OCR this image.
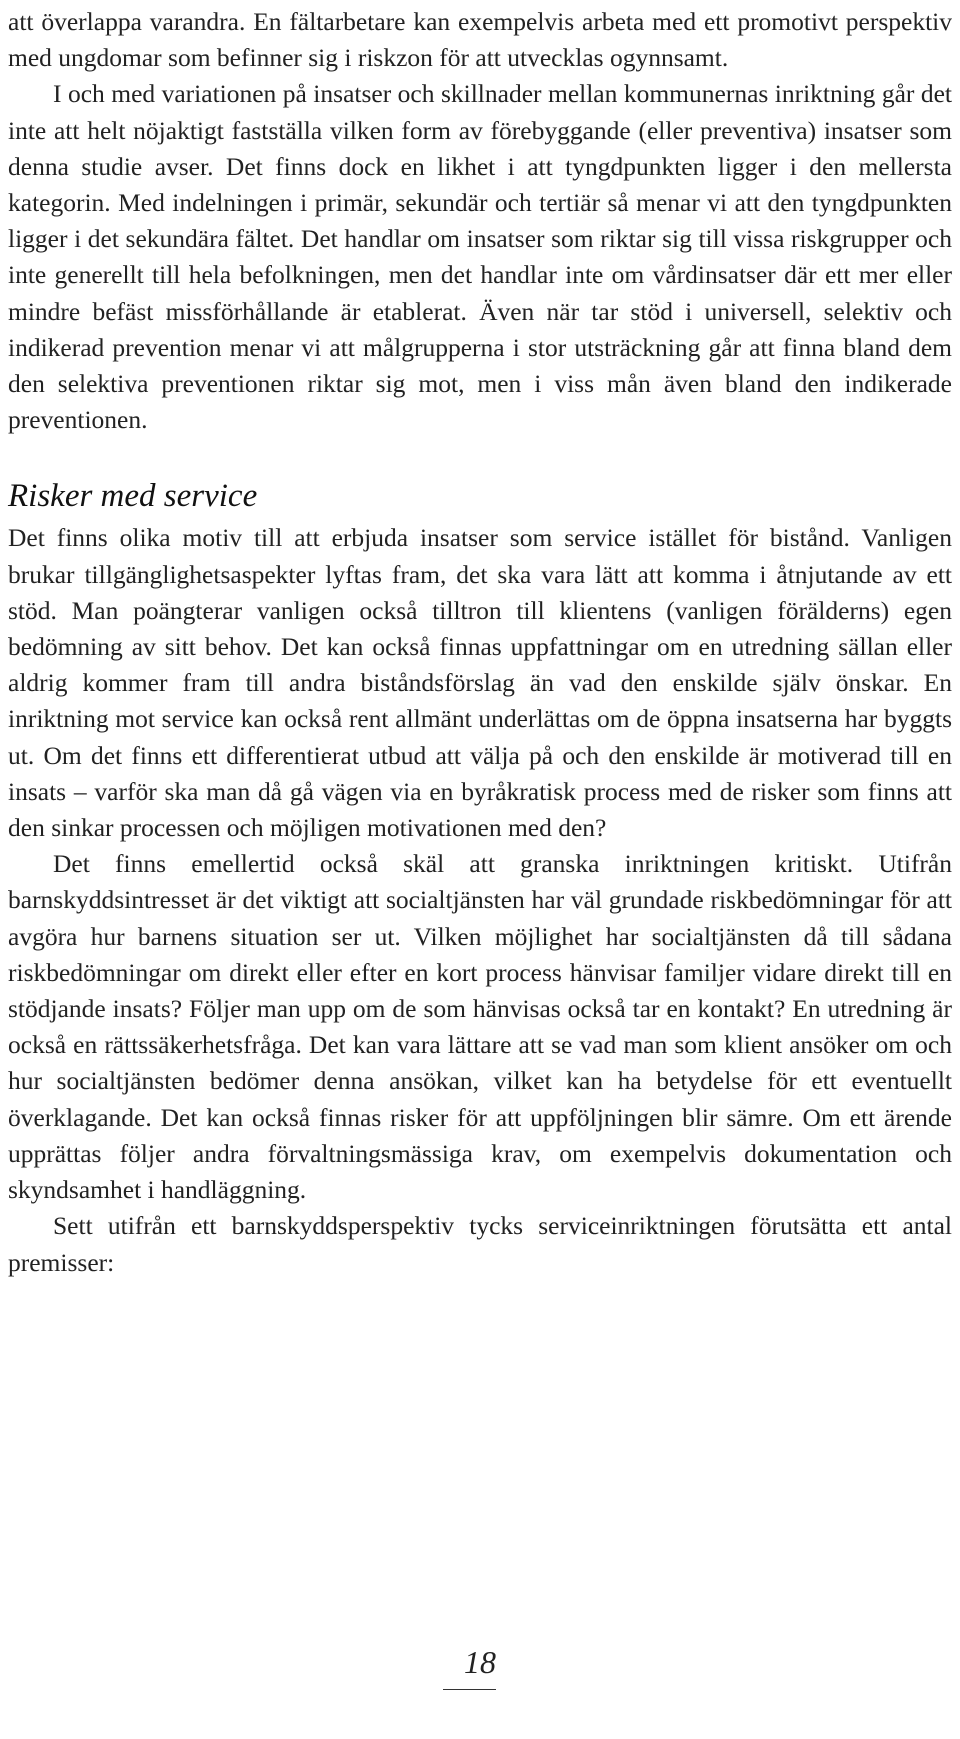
att överlappa varandra. En fältarbetare kan exempelvis arbeta med ett promotivt perspektiv med ungdomar som befinner sig i riskzon för att utvecklas ogynnsamt.

I och med variationen på insatser och skillnader mellan kommunernas inriktning går det inte att helt nöjaktigt fastställa vilken form av förebyggande (eller preventiva) insatser som denna studie avser. Det finns dock en likhet i att tyngdpunkten ligger i den mellersta kategorin. Med indelningen i primär, sekundär och tertiär så menar vi att den tyngdpunkten ligger i det sekundära fältet. Det handlar om insatser som riktar sig till vissa riskgrupper och inte generellt till hela befolkningen, men det handlar inte om vårdinsatser där ett mer eller mindre befäst missförhållande är etablerat. Även när tar stöd i universell, selektiv och indikerad prevention menar vi att målgrupperna i stor utsträckning går att finna bland dem den selektiva preventionen riktar sig mot, men i viss mån även bland den indikerade preventionen.

Risker med service

Det finns olika motiv till att erbjuda insatser som service istället för bistånd. Vanligen brukar tillgänglighetsaspekter lyftas fram, det ska vara lätt att komma i åtnjutande av ett stöd. Man poängterar vanligen också tilltron till klientens (vanligen förälderns) egen bedömning av sitt behov. Det kan också finnas uppfattningar om en utredning sällan eller aldrig kommer fram till andra biståndsförslag än vad den enskilde själv önskar. En inriktning mot service kan också rent allmänt underlättas om de öppna insatserna har byggts ut. Om det finns ett differentierat utbud att välja på och den enskilde är motiverad till en insats – varför ska man då gå vägen via en byråkratisk process med de risker som finns att den sinkar processen och möjligen motivationen med den?

Det finns emellertid också skäl att granska inriktningen kritiskt. Utifrån barnskyddsintresset är det viktigt att socialtjänsten har väl grundade riskbedömningar för att avgöra hur barnens situation ser ut. Vilken möjlighet har socialtjänsten då till sådana riskbedömningar om direkt eller efter en kort process hänvisar familjer vidare direkt till en stödjande insats? Följer man upp om de som hänvisas också tar en kontakt? En utredning är också en rättssäkerhetsfråga. Det kan vara lättare att se vad man som klient ansöker om och hur socialtjänsten bedömer denna ansökan, vilket kan ha betydelse för ett eventuellt överklagande. Det kan också finnas risker för att uppföljningen blir sämre. Om ett ärende upprättas följer andra förvaltningsmässiga krav, om exempelvis dokumentation och skyndsamhet i handläggning.

Sett utifrån ett barnskyddsperspektiv tycks serviceinriktningen förutsätta ett antal premisser:

18
